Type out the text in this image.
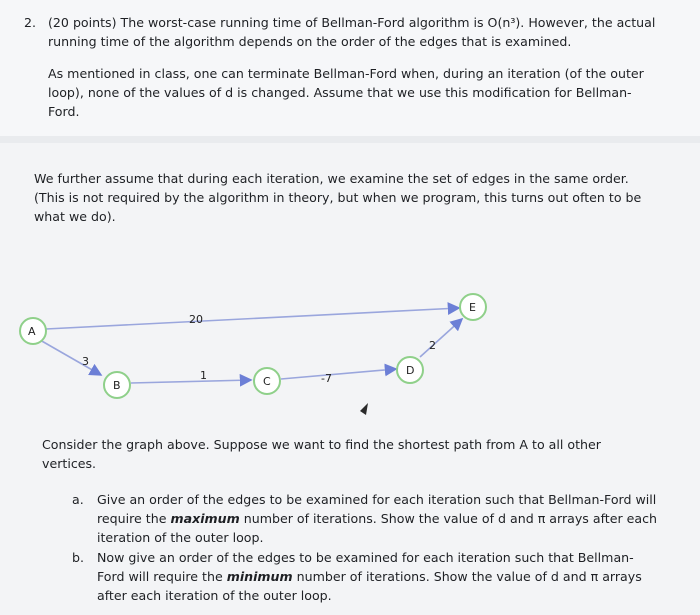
2. (20 points) The worst-case running time of Bellman-Ford algorithm is O(n³). However, the actual

running time of the algorithm depends on the order of the edges that is examined.

As mentioned in class, one can terminate Bellman-Ford when, during an iteration (of the outer

loop), none of the values of d is changed. Assume that we use this modification for Bellman-

Ford.

We further assume that during each iteration, we examine the set of edges in the same order.

(This is not required by the algorithm in theory, but when we program, this turns out often to be

what we do).

A
B	C
D
E
20
3
1	-7
2

Consider the graph above. Suppose we want to find the shortest path from A to all other

vertices.

a. Give an order of the edges to be examined for each iteration such that Bellman-Ford will

require the maximum number of iterations. Show the value of d and π arrays after each

iteration of the outer loop.

b. Now give an order of the edges to be examined for each iteration such that Bellman-

Ford will require the minimum number of iterations. Show the value of d and π arrays

after each iteration of the outer loop.
